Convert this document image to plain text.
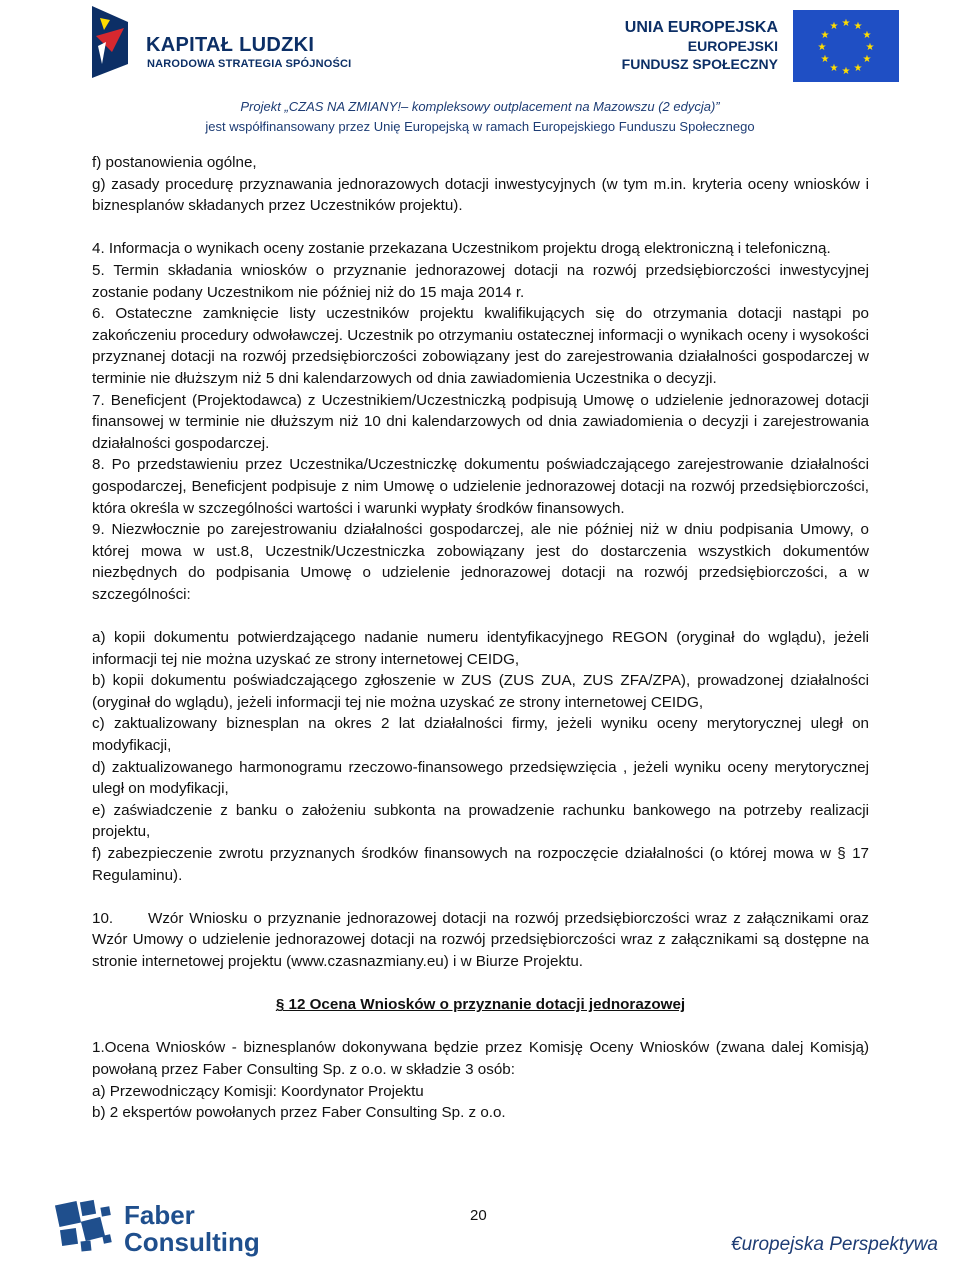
KAPITAŁ LUDZKI
NARODOWA STRATEGIA SPÓJNOŚCI
UNIA EUROPEJSKA
EUROPEJSKI
FUNDUSZ SPOŁECZNY
★ ★
★
★
★
★
★
★
★
★
★
★
Projekt „CZAS NA ZMIANY!– kompleksowy outplacement na Mazowszu (2 edycja)”
jest współfinansowany przez Unię Europejską w ramach Europejskiego Funduszu Społecznego

f) postanowienia ogólne,

g) zasady procedurę przyznawania jednorazowych dotacji inwestycyjnych (w tym m.in. kryteria oceny wniosków i biznesplanów składanych przez Uczestników projektu).

4. Informacja o wynikach oceny zostanie przekazana Uczestnikom projektu drogą elektroniczną i telefoniczną.

5. Termin składania wniosków o przyznanie jednorazowej dotacji na rozwój przedsiębiorczości inwestycyjnej zostanie podany Uczestnikom nie później niż do 15 maja 2014 r.

6. Ostateczne zamknięcie listy uczestników projektu kwalifikujących się do otrzymania dotacji nastąpi po zakończeniu procedury odwoławczej. Uczestnik po otrzymaniu ostatecznej informacji o wynikach oceny i wysokości przyznanej dotacji na rozwój przedsiębiorczości zobowiązany jest do zarejestrowania działalności gospodarczej w terminie nie dłuższym niż 5 dni kalendarzowych od dnia zawiadomienia Uczestnika o decyzji.

7. Beneficjent (Projektodawca) z Uczestnikiem/Uczestniczką podpisują Umowę o udzielenie jednorazowej dotacji finansowej w terminie nie dłuższym niż 10 dni kalendarzowych od dnia zawiadomienia o decyzji i zarejestrowania działalności gospodarczej.

8. Po przedstawieniu przez Uczestnika/Uczestniczkę dokumentu poświadczającego zarejestrowanie działalności gospodarczej, Beneficjent podpisuje z nim Umowę o udzielenie jednorazowej dotacji na rozwój przedsiębiorczości, która określa w szczególności wartości i warunki wypłaty środków finansowych.

9. Niezwłocznie po zarejestrowaniu działalności gospodarczej, ale nie później niż w dniu podpisania Umowy, o której mowa w ust.8, Uczestnik/Uczestniczka zobowiązany jest do dostarczenia wszystkich dokumentów niezbędnych do podpisania Umowę o udzielenie jednorazowej dotacji na rozwój przedsiębiorczości, a w szczególności:

a) kopii dokumentu potwierdzającego nadanie numeru identyfikacyjnego REGON (oryginał do wglądu), jeżeli informacji tej nie można uzyskać ze strony internetowej CEIDG,

b) kopii dokumentu poświadczającego zgłoszenie w ZUS (ZUS ZUA, ZUS ZFA/ZPA), prowadzonej działalności (oryginał do wglądu), jeżeli informacji tej nie można uzyskać ze strony internetowej CEIDG,

c) zaktualizowany biznesplan na okres 2 lat działalności firmy, jeżeli wyniku oceny merytorycznej uległ on modyfikacji,

d) zaktualizowanego harmonogramu rzeczowo-finansowego przedsięwzięcia , jeżeli wyniku oceny merytorycznej uległ on modyfikacji,

e) zaświadczenie z banku o założeniu subkonta na prowadzenie rachunku bankowego na potrzeby realizacji projektu,

f) zabezpieczenie zwrotu przyznanych środków finansowych na rozpoczęcie działalności (o której mowa w § 17 Regulaminu).

10. Wzór Wniosku o przyznanie jednorazowej dotacji na rozwój przedsiębiorczości wraz z załącznikami oraz Wzór Umowy o udzielenie jednorazowej dotacji na rozwój przedsiębiorczości wraz z załącznikami są dostępne na stronie internetowej projektu (www.czasnazmiany.eu) i w Biurze Projektu.

§ 12 Ocena Wniosków o przyznanie dotacji jednorazowej

1.Ocena Wniosków - biznesplanów dokonywana będzie przez Komisję Oceny Wniosków (zwana dalej Komisją) powołaną przez Faber Consulting Sp. z o.o. w składzie 3 osób:

a) Przewodniczący Komisji: Koordynator Projektu

b) 2 ekspertów powołanych przez Faber Consulting Sp. z o.o.

Faber
Consulting
20
€uropejska Perspektywa
